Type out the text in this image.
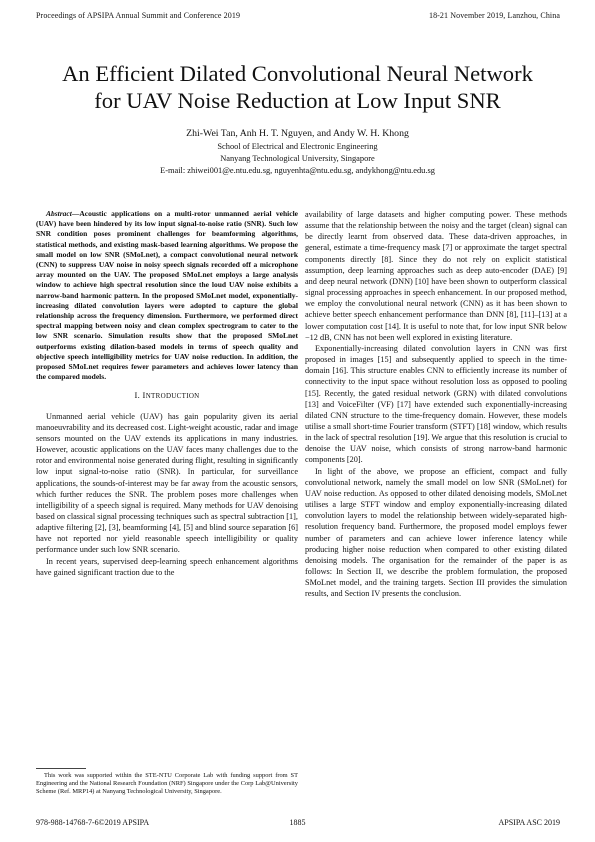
Proceedings of APSIPA Annual Summit and Conference 2019	18-21 November 2019, Lanzhou, China
An Efficient Dilated Convolutional Neural Network
for UAV Noise Reduction at Low Input SNR
Zhi-Wei Tan, Anh H. T. Nguyen, and Andy W. H. Khong
School of Electrical and Electronic Engineering
Nanyang Technological University, Singapore
E-mail: zhiwei001@e.ntu.edu.sg, nguyenhta@ntu.edu.sg, andykhong@ntu.edu.sg

Abstract—Acoustic applications on a multi-rotor unmanned aerial vehicle (UAV) have been hindered by its low input signal-to-noise ratio (SNR). Such low SNR condition poses prominent challenges for beamforming algorithms, statistical methods, and existing mask-based learning algorithms. We propose the small model on low SNR (SMoLnet), a compact convolutional neural network (CNN) to suppress UAV noise in noisy speech signals recorded off a microphone array mounted on the UAV. The proposed SMoLnet employs a large analysis window to achieve high spectral resolution since the loud UAV noise exhibits a narrow-band harmonic pattern. In the proposed SMoLnet model, exponentially-increasing dilated convolution layers were adopted to capture the global relationship across the frequency dimension. Furthermore, we performed direct spectral mapping between noisy and clean complex spectrogram to cater to the low SNR scenario. Simulation results show that the proposed SMoLnet outperforms existing dilation-based models in terms of speech quality and objective speech intelligibility metrics for UAV noise reduction. In addition, the proposed SMoLnet requires fewer parameters and achieves lower latency than the compared models.

I. INTRODUCTION

Unmanned aerial vehicle (UAV) has gain popularity given its aerial manoeuvrability and its decreased cost. Light-weight acoustic, radar and image sensors mounted on the UAV extends its applications in many industries. However, acoustic applications on the UAV faces many challenges due to the rotor and environmental noise generated during flight, resulting in significantly low input signal-to-noise ratio (SNR). In particular, for surveillance applications, the sounds-of-interest may be far away from the acoustic sensors, which further reduces the SNR. The problem poses more challenges when intelligibility of a speech signal is required. Many methods for UAV denoising based on classical signal processing techniques such as spectral subtraction [1], adaptive filtering [2], [3], beamforming [4], [5] and blind source separation [6] have not reported nor yield reasonable speech intelligibility or quality performance under such low SNR scenario.

In recent years, supervised deep-learning speech enhancement algorithms have gained significant traction due to the

availability of large datasets and higher computing power. These methods assume that the relationship between the noisy and the target (clean) signal can be directly learnt from observed data. These data-driven approaches, in general, estimate a time-frequency mask [7] or approximate the target spectral components directly [8]. Since they do not rely on explicit statistical assumption, deep learning approaches such as deep auto-encoder (DAE) [9] and deep neural network (DNN) [10] have been shown to outperform classical signal processing approaches in speech enhancement. In our proposed method, we employ the convolutional neural network (CNN) as it has been shown to achieve better speech enhancement performance than DNN [8], [11]–[13] at a lower computation cost [14]. It is useful to note that, for low input SNR below −12 dB, CNN has not been well explored in existing literature.

Exponentially-increasing dilated convolution layers in CNN was first proposed in images [15] and subsequently applied to speech in the time-domain [16]. This structure enables CNN to efficiently increase its number of connectivity to the input space without resolution loss as opposed to pooling [15]. Recently, the gated residual network (GRN) with dilated convolutions [13] and VoiceFilter (VF) [17] have extended such exponentially-increasing dilated CNN structure to the time-frequency domain. However, these models utilise a small short-time Fourier transform (STFT) [18] window, which results in the lack of spectral resolution [19]. We argue that this resolution is crucial to denoise the UAV noise, which consists of strong narrow-band harmonic components [20].

In light of the above, we propose an efficient, compact and fully convolutional network, namely the small model on low SNR (SMoLnet) for UAV noise reduction. As opposed to other dilated denoising models, SMoLnet utilises a large STFT window and employ exponentially-increasing dilated convolution layers to model the relationship between widely-separated high-resolution frequency band. Furthermore, the proposed model employs fewer number of parameters and can achieve lower inference latency while producing higher noise reduction when compared to other existing dilated denoising models. The organisation for the remainder of the paper is as follows: In Section II, we describe the problem formulation, the proposed SMoLnet model, and the training targets. Section III provides the simulation results, and Section IV presents the conclusion.

This work was supported within the STE-NTU Corporate Lab with funding support from ST Engineering and the National Research Foundation (NRF) Singapore under the Corp Lab@University Scheme (Ref. MRP14) at Nanyang Technological University, Singapore.
978-988-14768-7-6©2019 APSIPA	1885	APSIPA ASC 2019
